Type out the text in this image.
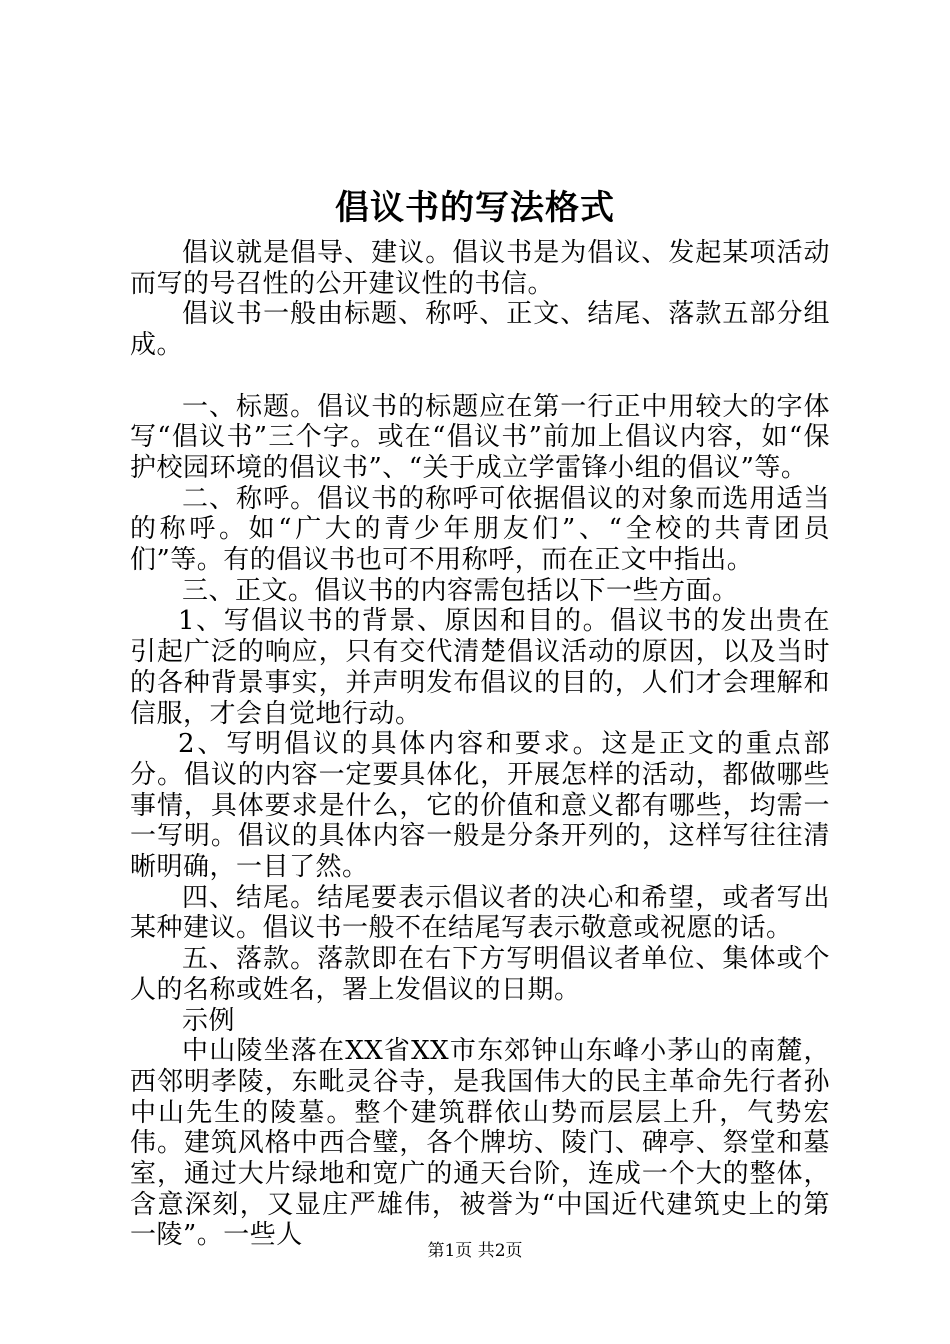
倡议书的写法格式

倡议就是倡导、建议。倡议书是为倡议、发起某项活动而写的号召性的公开建议性的书信。

倡议书一般由标题、称呼、正文、结尾、落款五部分组成。

一、标题。倡议书的标题应在第一行正中用较大的字体写“倡议书”三个字。或在“倡议书”前加上倡议内容，如“保护校园环境的倡议书”、“关于成立学雷锋小组的倡议”等。

二、称呼。倡议书的称呼可依据倡议的对象而选用适当的称呼。如“广大的青少年朋友们”、“全校的共青团员们”等。有的倡议书也可不用称呼，而在正文中指出。

三、正文。倡议书的内容需包括以下一些方面。

1、写倡议书的背景、原因和目的。倡议书的发出贵在引起广泛的响应，只有交代清楚倡议活动的原因，以及当时的各种背景事实，并声明发布倡议的目的，人们才会理解和信服，才会自觉地行动。

2、写明倡议的具体内容和要求。这是正文的重点部分。倡议的内容一定要具体化，开展怎样的活动，都做哪些事情，具体要求是什么，它的价值和意义都有哪些，均需一一写明。倡议的具体内容一般是分条开列的，这样写往往清晰明确，一目了然。

四、结尾。结尾要表示倡议者的决心和希望，或者写出某种建议。倡议书一般不在结尾写表示敬意或祝愿的话。

五、落款。落款即在右下方写明倡议者单位、集体或个人的名称或姓名，署上发倡议的日期。

示例

中山陵坐落在XX省XX市东郊钟山东峰小茅山的南麓，西邻明孝陵，东毗灵谷寺，是我国伟大的民主革命先行者孙中山先生的陵墓。整个建筑群依山势而层层上升，气势宏伟。建筑风格中西合璧，各个牌坊、陵门、碑亭、祭堂和墓室，通过大片绿地和宽广的通天台阶，连成一个大的整体，含意深刻，又显庄严雄伟，被誉为“中国近代建筑史上的第一陵”。一些人

第1页 共2页
